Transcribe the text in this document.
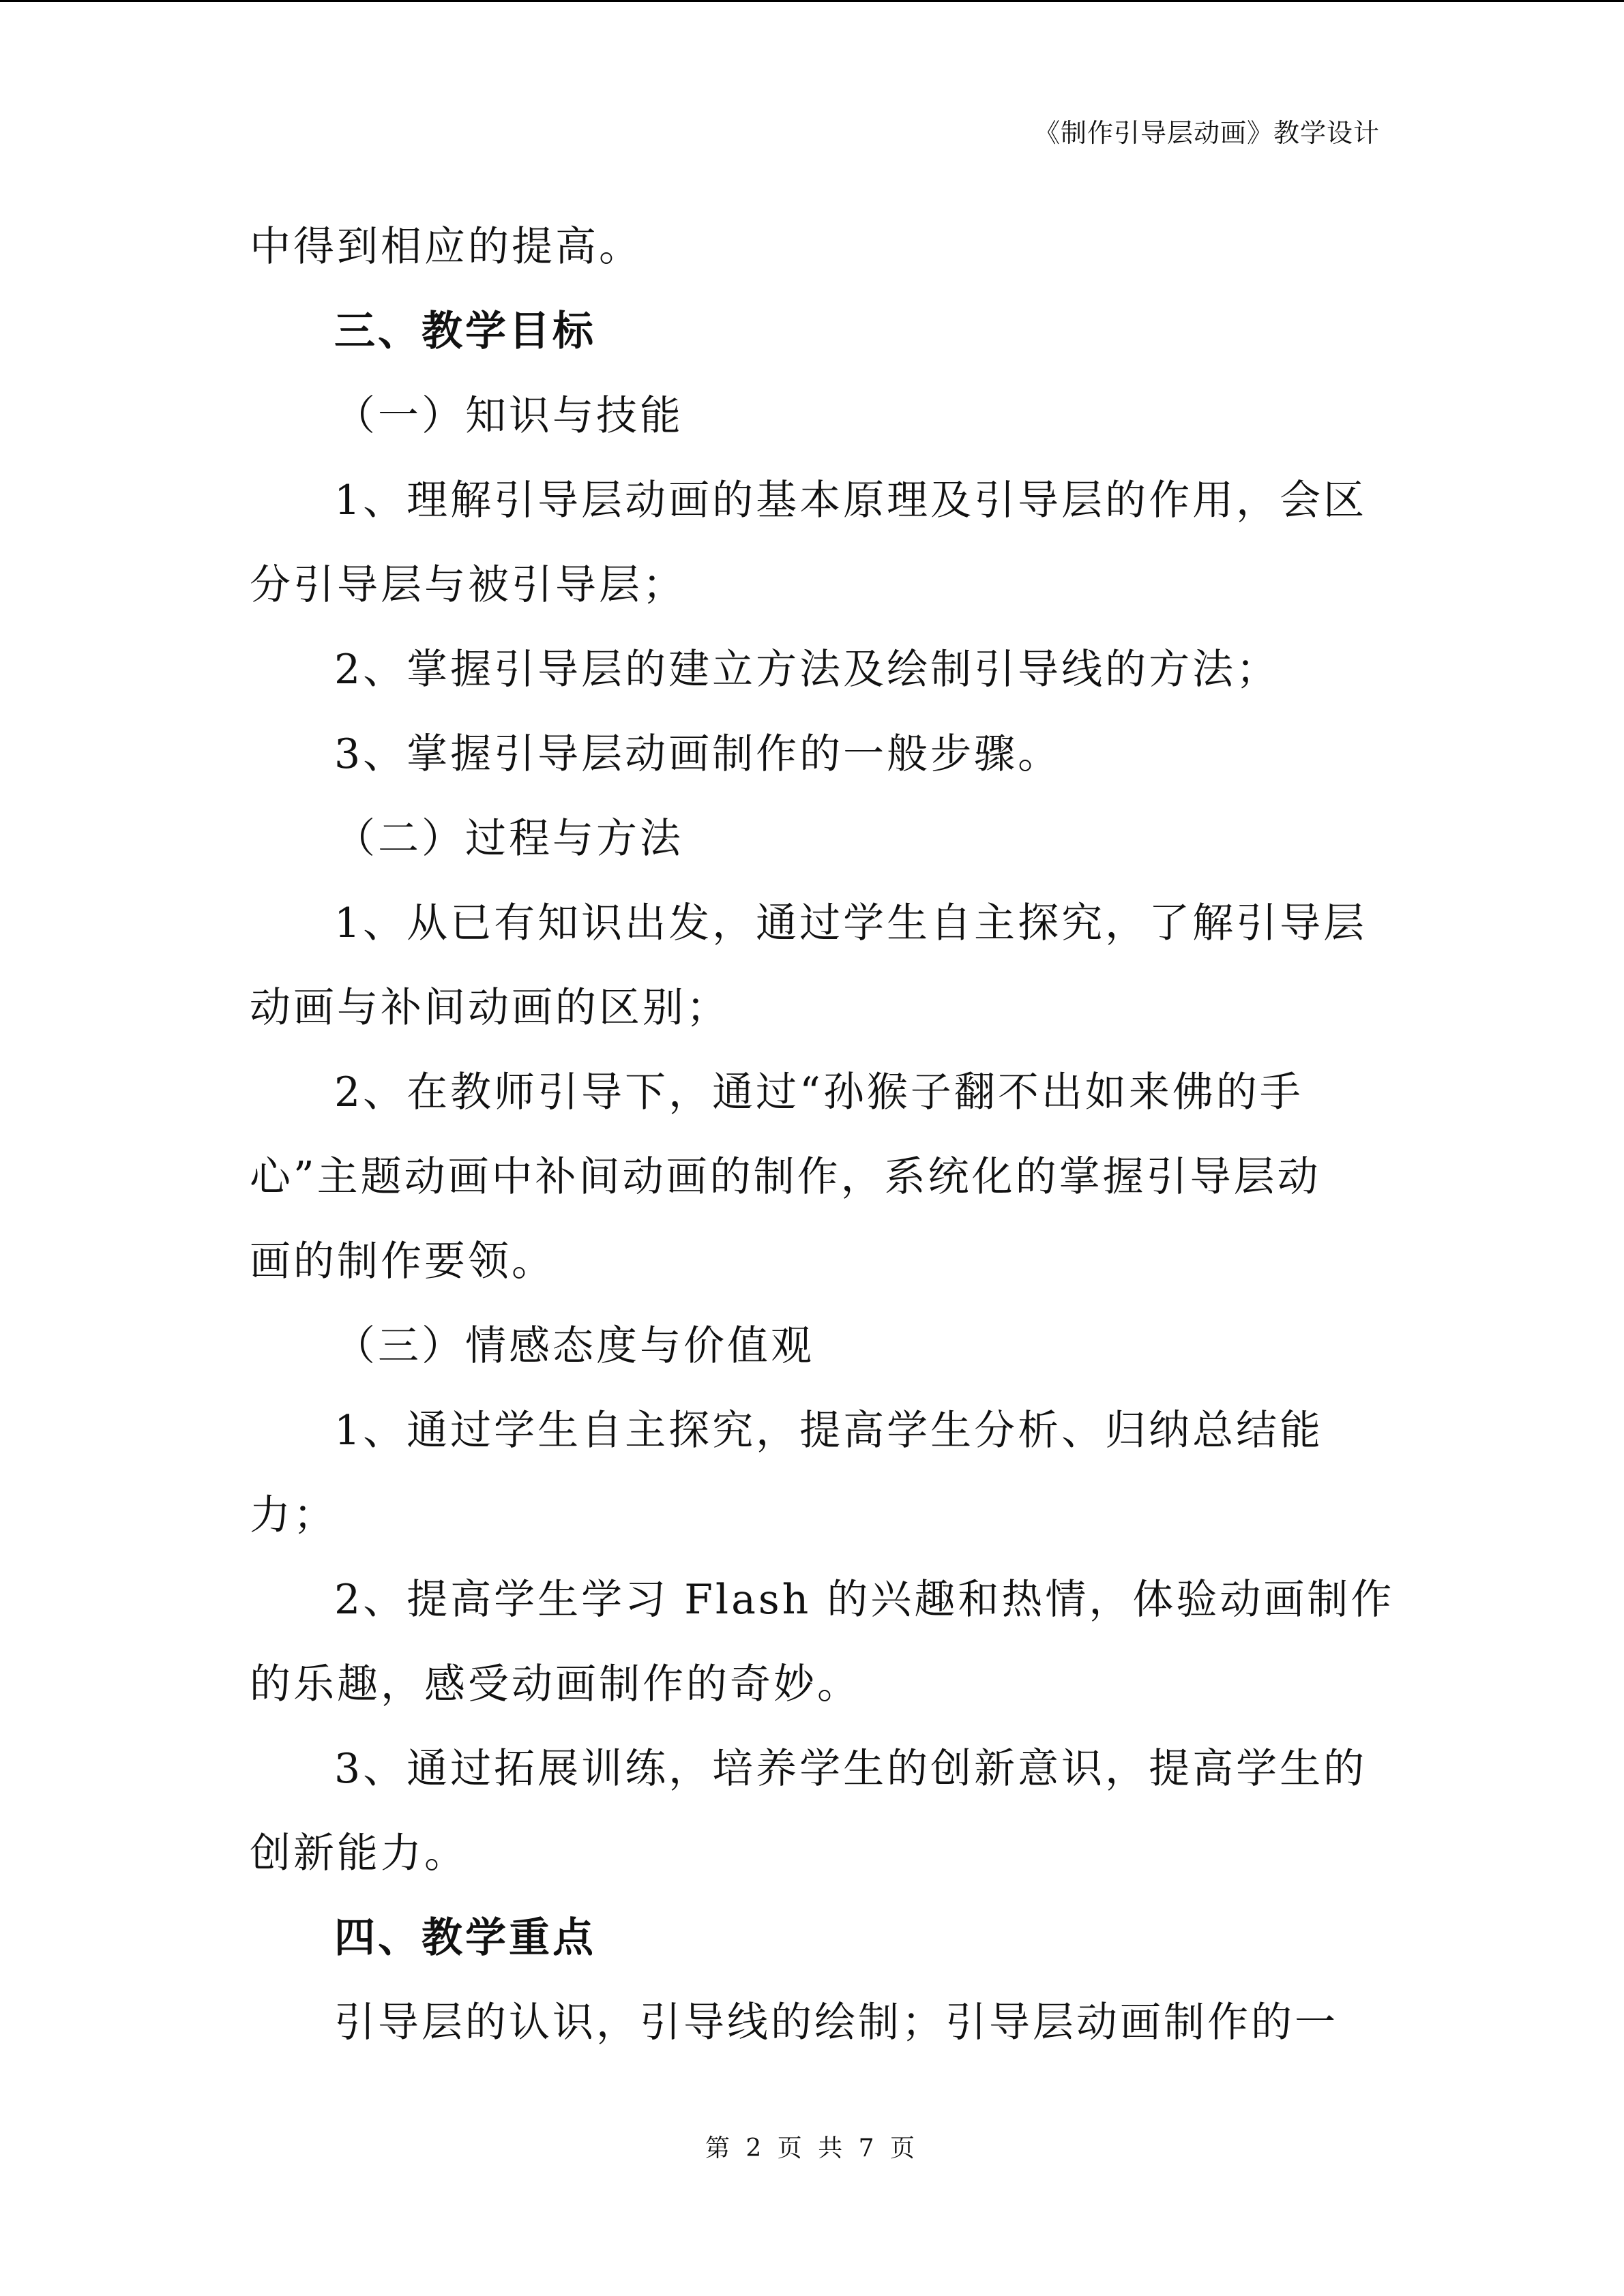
《制作引导层动画》教学设计
中得到相应的提高。
三、教学目标
（一）知识与技能
1、理解引导层动画的基本原理及引导层的作用，会区
分引导层与被引导层；
2、掌握引导层的建立方法及绘制引导线的方法；
3、掌握引导层动画制作的一般步骤。
（二）过程与方法
1、从已有知识出发，通过学生自主探究，了解引导层
动画与补间动画的区别；
2、在教师引导下，通过“孙猴子翻不出如来佛的手
心”主题动画中补间动画的制作，系统化的掌握引导层动
画的制作要领。
（三）情感态度与价值观
1、通过学生自主探究，提高学生分析、归纳总结能
力；
2、提高学生学习 Flash 的兴趣和热情，体验动画制作
的乐趣，感受动画制作的奇妙。
3、通过拓展训练，培养学生的创新意识，提高学生的
创新能力。
四、教学重点
引导层的认识，引导线的绘制；引导层动画制作的一
第 2 页 共 7 页
